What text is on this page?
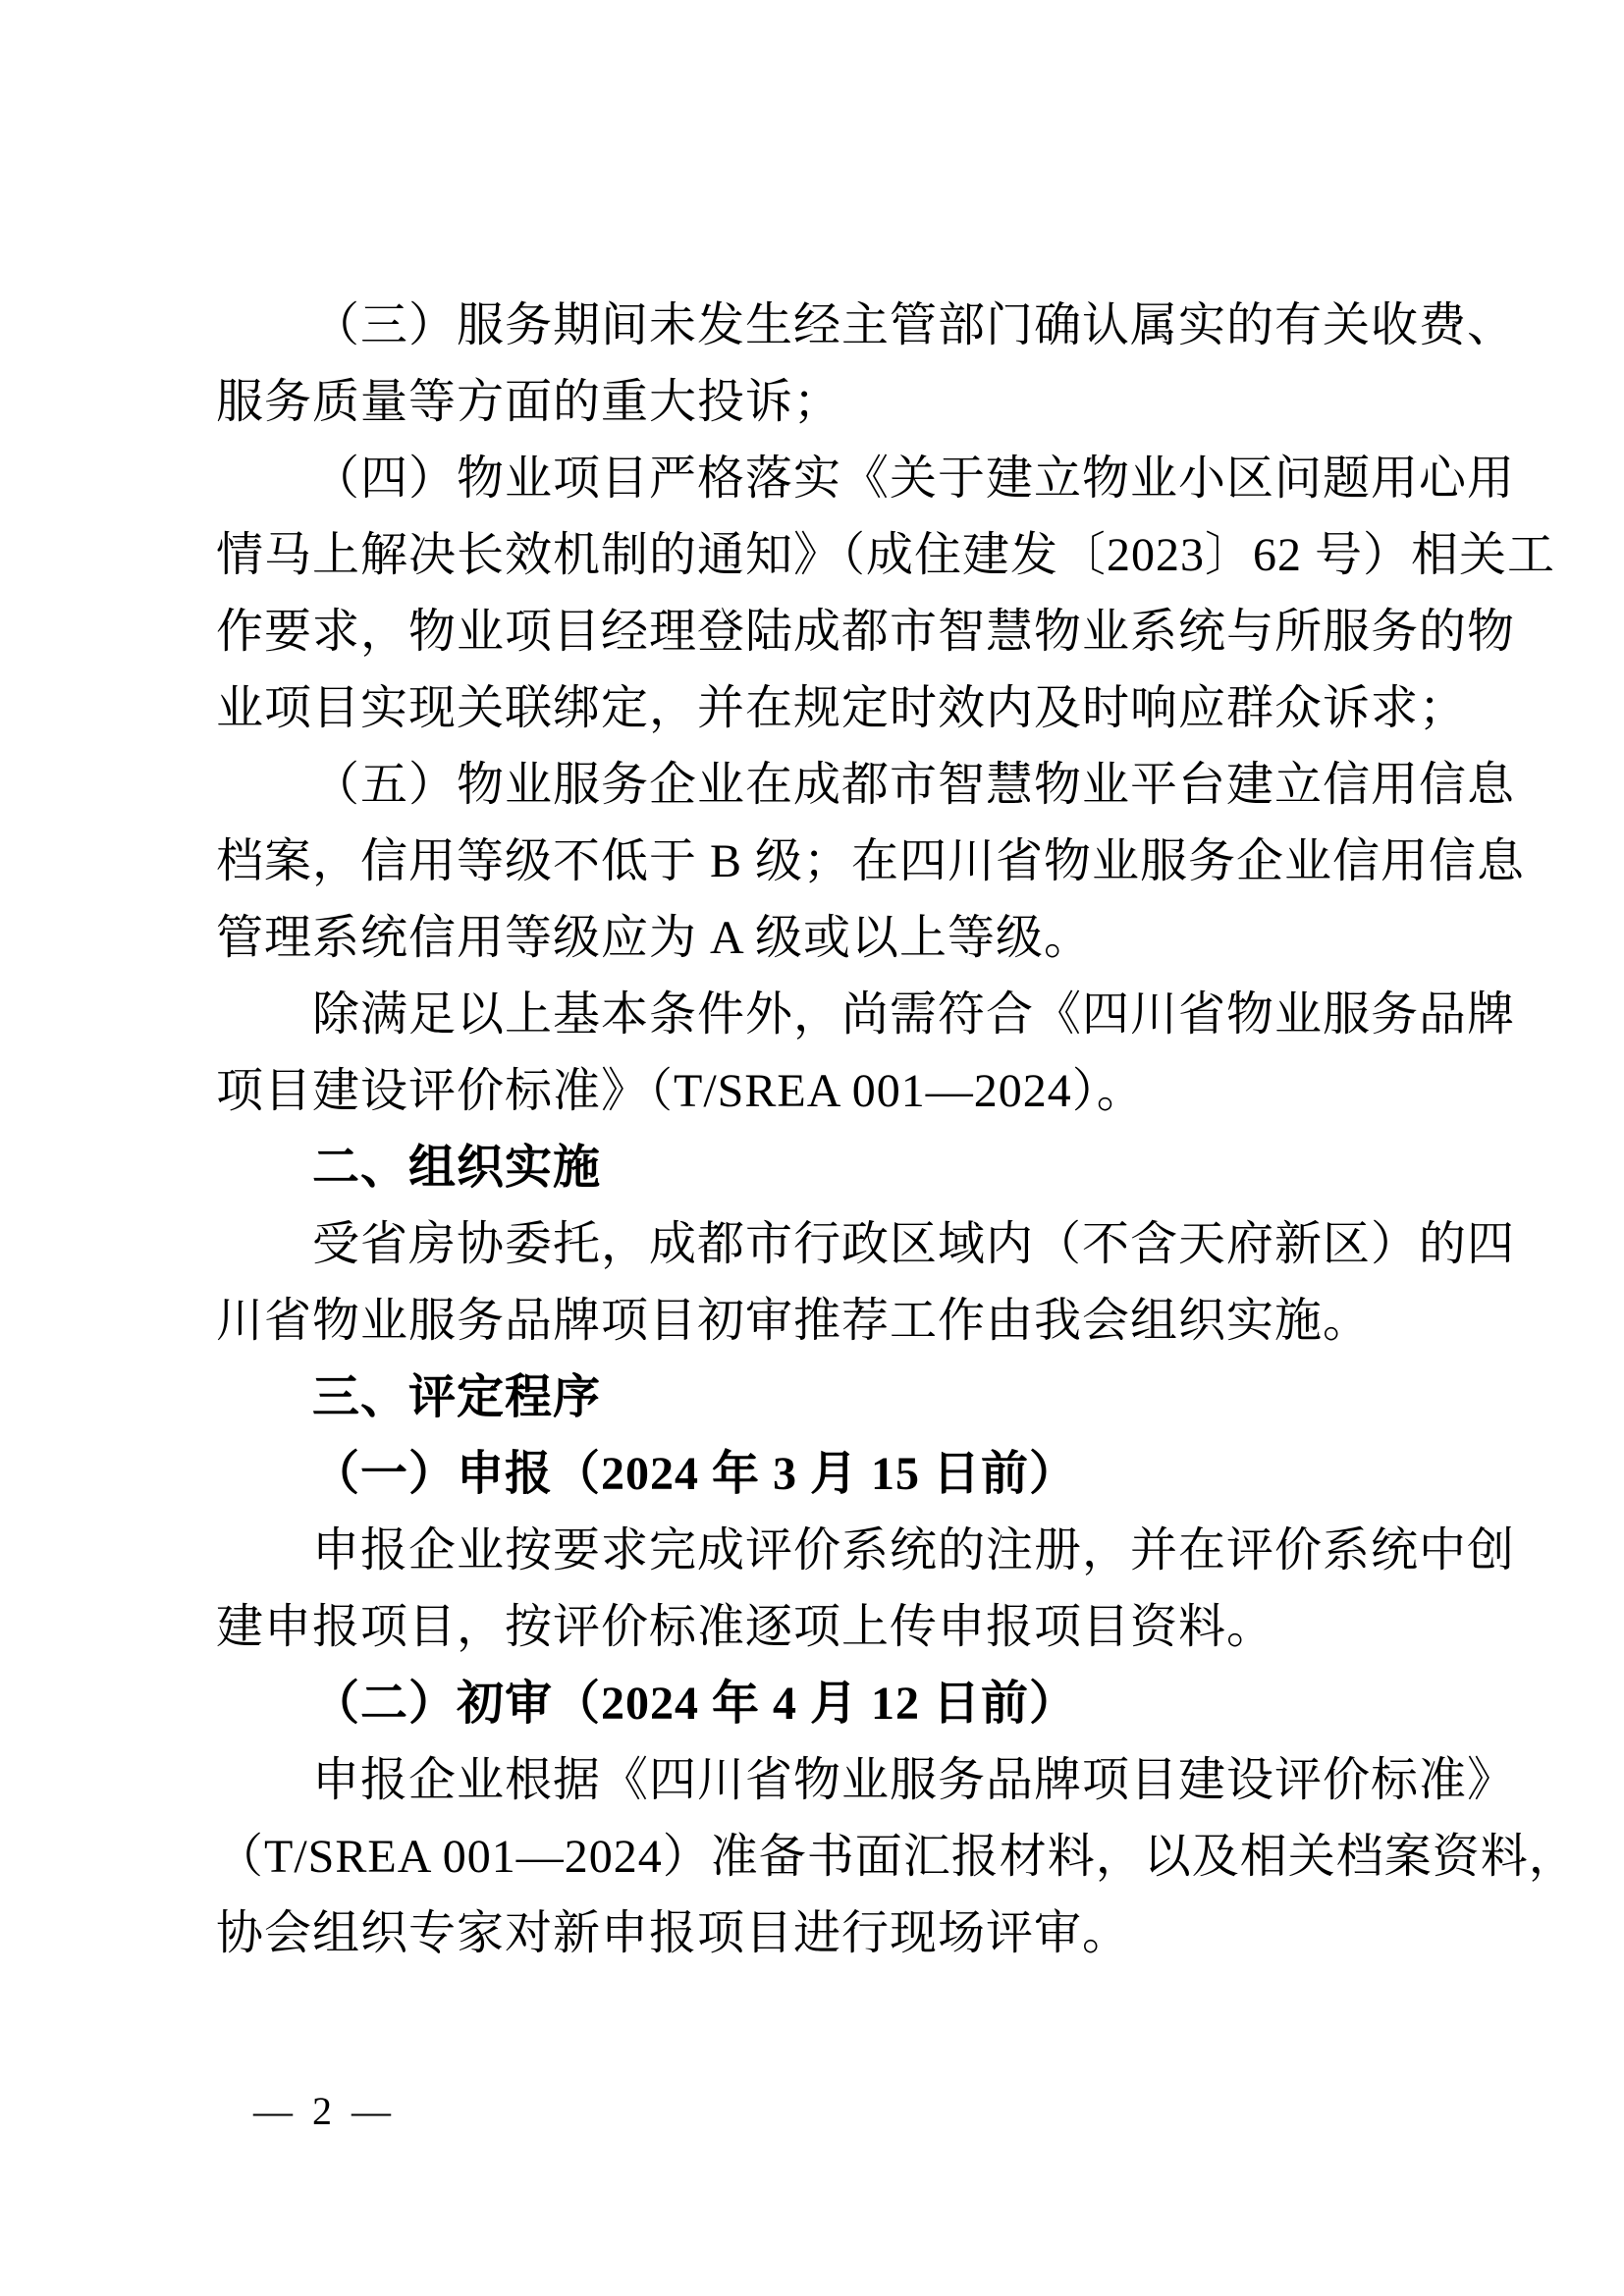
（三）服务期间未发生经主管部门确认属实的有关收费、
服务质量等方面的重大投诉；
（四）物业项目严格落实《关于建立物业小区问题用心用
情马上解决长效机制的通知》（成住建发〔2023〕62 号）相关工
作要求，物业项目经理登陆成都市智慧物业系统与所服务的物
业项目实现关联绑定，并在规定时效内及时响应群众诉求；
（五）物业服务企业在成都市智慧物业平台建立信用信息
档案，信用等级不低于 B 级；在四川省物业服务企业信用信息
管理系统信用等级应为 A 级或以上等级。
除满足以上基本条件外，尚需符合《四川省物业服务品牌
项目建设评价标准》（T/SREA 001—2024）。
二、组织实施
受省房协委托，成都市行政区域内（不含天府新区）的四
川省物业服务品牌项目初审推荐工作由我会组织实施。
三、评定程序
（一）申报（2024 年 3 月 15 日前）
申报企业按要求完成评价系统的注册，并在评价系统中创
建申报项目，按评价标准逐项上传申报项目资料。
（二）初审（2024 年 4 月 12 日前）
申报企业根据《四川省物业服务品牌项目建设评价标准》
（T/SREA 001—2024）准备书面汇报材料，以及相关档案资料，
协会组织专家对新申报项目进行现场评审。
— 2 —
